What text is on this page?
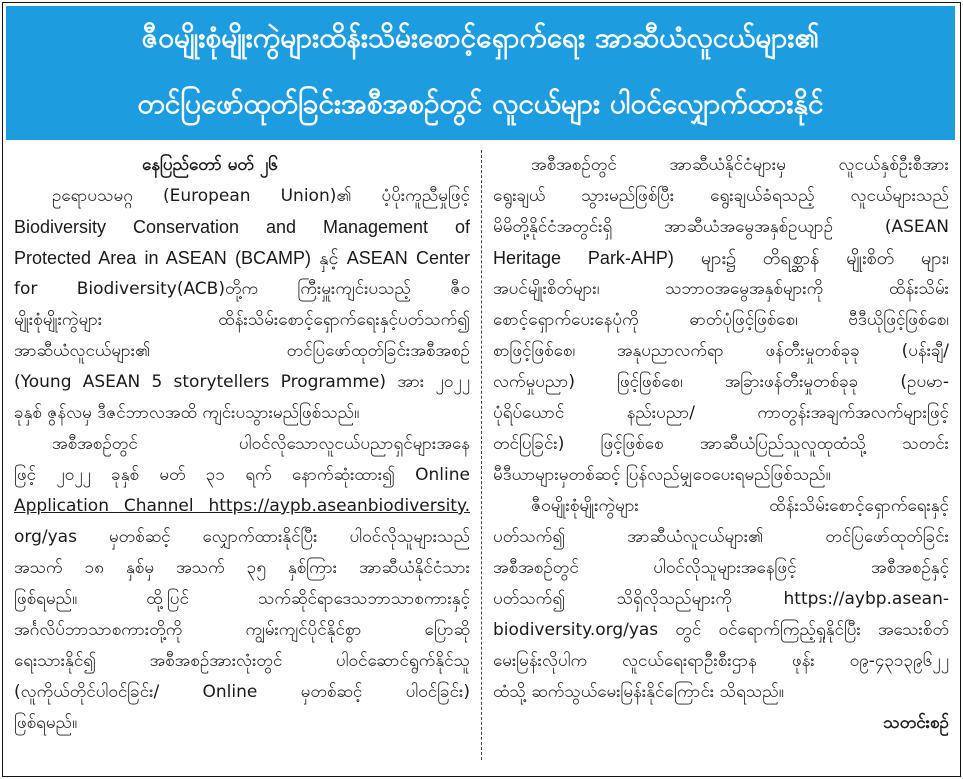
ဇီဝမျိုးစုံမျိုးကွဲများထိန်းသိမ်းစောင့်ရှောက်ရေး အာဆီယံလူငယ်များ၏
တင်ပြဖော်ထုတ်ခြင်းအစီအစဉ်တွင် လူငယ်များ ပါဝင်လျှောက်ထားနိုင်
နေပြည်တော် မတ် ၂၆
ဥရောပသမဂ္ဂ (European Union)၏ ပံ့ပိုးကူညီမှုဖြင့်
Biodiversity Conservation and Management of
Protected Area in ASEAN (BCAMP) နှင့် ASEAN Center
for Biodiversity(ACB)တို့က ကြီးမှူးကျင်းပသည့် ဇီဝ
မျိုးစုံမျိုးကွဲများ ထိန်းသိမ်းစောင့်ရှောက်ရေးနှင့်ပတ်သက်၍
အာဆီယံလူငယ်များ၏ တင်ပြဖော်ထုတ်ခြင်းအစီအစဉ်
(Young ASEAN 5 storytellers Programme) အား ၂၀၂၂
ခုနှစ် ဇွန်လမှ ဒီဇင်ဘာလအထိ ကျင်းပသွားမည်ဖြစ်သည်။
အစီအစဉ်တွင် ပါဝင်လိုသောလူငယ်ပညာရှင်များအနေ
ဖြင့် ၂၀၂၂ ခုနှစ် မတ် ၃၁ ရက် နောက်ဆုံးထား၍ Online
Application Channel https://aypb.aseanbiodiversity.
org/yas မှတစ်ဆင့် လျှောက်ထားနိုင်ပြီး ပါဝင်လိုသူများသည်
အသက် ၁၈ နှစ်မှ အသက် ၃၅ နှစ်ကြား အာဆီယံနိုင်ငံသား
ဖြစ်ရမည်။ ထို့ပြင် သက်ဆိုင်ရာဒေသဘာသာစကားနှင့်
အင်္ဂလိပ်ဘာသာစကားတို့ကို ကျွမ်းကျင်ပိုင်နိုင်စွာ ပြောဆို
ရေးသားနိုင်၍ အစီအစဉ်အားလုံးတွင် ပါဝင်ဆောင်ရွက်နိုင်သူ
(လူကိုယ်တိုင်ပါဝင်ခြင်း/ Online မှတစ်ဆင့် ပါဝင်ခြင်း)
ဖြစ်ရမည်။
အစီအစဉ်တွင် အာဆီယံနိုင်ငံများမှ လူငယ်နှစ်ဦးစီအား
ရွေးချယ် သွားမည်ဖြစ်ပြီး ရွေးချယ်ခံရသည့် လူငယ်များသည်
မိမိတို့နိုင်ငံအတွင်းရှိ အာဆီယံအမွေအနှစ်ဥယျာဉ် (ASEAN
Heritage Park-AHP) များ၌ တိရစ္ဆာန် မျိုးစိတ် များ၊
အပင်မျိုးစိတ်များ၊ သဘာဝအမွေအနှစ်များကို ထိန်းသိမ်း
စောင့်ရှောက်ပေးနေပုံကို ဓာတ်ပုံဖြင့်ဖြစ်စေ၊ ဗီဒီယိုဖြင့်ဖြစ်စေ၊
စာဖြင့်ဖြစ်စေ၊ အနုပညာလက်ရာ ဖန်တီးမှုတစ်ခုခု (ပန်းချီ/
လက်မှုပညာ) ဖြင့်ဖြစ်စေ၊ အခြားဖန်တီးမှုတစ်ခုခု (ဥပမာ-
ပုံရိပ်ယောင် နည်းပညာ/ ကာတွန်းအချက်အလက်များဖြင့်
တင်ပြခြင်း) ဖြင့်ဖြစ်စေ အာဆီယံပြည်သူလူထုထံသို့ သတင်း
မီဒီယာများမှတစ်ဆင့် ပြန်လည်မျှဝေပေးရမည်ဖြစ်သည်။
ဇီဝမျိုးစုံမျိုးကွဲများ ထိန်းသိမ်းစောင့်ရှောက်ရေးနှင့်
ပတ်သက်၍ အာဆီယံလူငယ်များ၏ တင်ပြဖော်ထုတ်ခြင်း
အစီအစဉ်တွင် ပါဝင်လိုသူများအနေဖြင့် အစီအစဉ်နှင့်
ပတ်သက်၍ သိရှိလိုသည်များကို https://aybp.asean-
biodiversity.org/yas တွင် ဝင်ရောက်ကြည့်ရှုနိုင်ပြီး အသေးစိတ်
မေးမြန်းလိုပါက လူငယ်ရေးရာဦးစီးဌာန ဖုန်း ၀၉-၄၃၁၃၉၆၂၂
ထံသို့ ဆက်သွယ်မေးမြန်းနိုင်ကြောင်း သိရသည်။
သတင်းစဉ်
